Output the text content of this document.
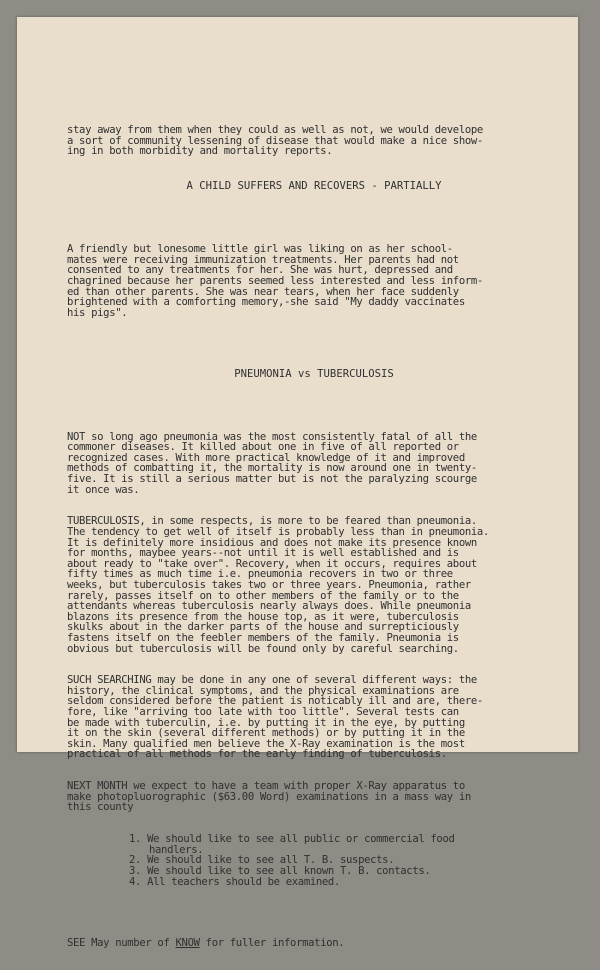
stay away from them when they could as well as not, we would develope
a sort of community lessening of disease that would make a nice show-
ing in both morbidity and mortality reports.

A CHILD SUFFERS AND RECOVERS - PARTIALLY

A friendly but lonesome little girl was liking on as her school-
mates were receiving immunization treatments. Her parents had not
consented to any treatments for her. She was hurt, depressed and
chagrined because her parents seemed less interested and less inform-
ed than other parents. She was near tears, when her face suddenly
brightened with a comforting memory,-she said "My daddy vaccinates
his pigs".

PNEUMONIA vs TUBERCULOSIS

NOT so long ago pneumonia was the most consistently fatal of all the
commoner diseases. It killed about one in five of all reported or
recognized cases. With more practical knowledge of it and improved
methods of combatting it, the mortality is now around one in twenty-
five. It is still a serious matter but is not the paralyzing scourge
it once was.

TUBERCULOSIS, in some respects, is more to be feared than pneumonia.
The tendency to get well of itself is probably less than in pneumonia.
It is definitely more insidious and does not make its presence known
for months, maybee years--not until it is well established and is
about ready to "take over". Recovery, when it occurs, requires about
fifty times as much time i.e. pneumonia recovers in two or three
weeks, but tuberculosis takes two or three years. Pneumonia, rather
rarely, passes itself on to other members of the family or to the
attendants whereas tuberculosis nearly always does. While pneumonia
blazons its presence from the house top, as it were, tuberculosis
skulks about in the darker parts of the house and surrepticiously
fastens itself on the feebler members of the family. Pneumonia is
obvious but tuberculosis will be found only by careful searching.

SUCH SEARCHING may be done in any one of several different ways: the
history, the clinical symptoms, and the physical examinations are
seldom considered before the patient is noticably ill and are, there-
fore, like "arriving too late with too little". Several tests can
be made with tuberculin, i.e. by putting it in the eye, by putting
it on the skin (several different methods) or by putting it in the
skin. Many qualified men believe the X-Ray examination is the most
practical of all methods for the early finding of tuberculosis.

NEXT MONTH we expect to have a team with proper X-Ray apparatus to
make photopluorographic ($63.00 Word) examinations in a mass way in
this county

1. We should like to see all public or commercial food
handlers.
2. We should like to see all T. B. suspects.
3. We should like to see all known T. B. contacts.
4. All teachers should be examined.

SEE May number of KNOW for fuller information.
